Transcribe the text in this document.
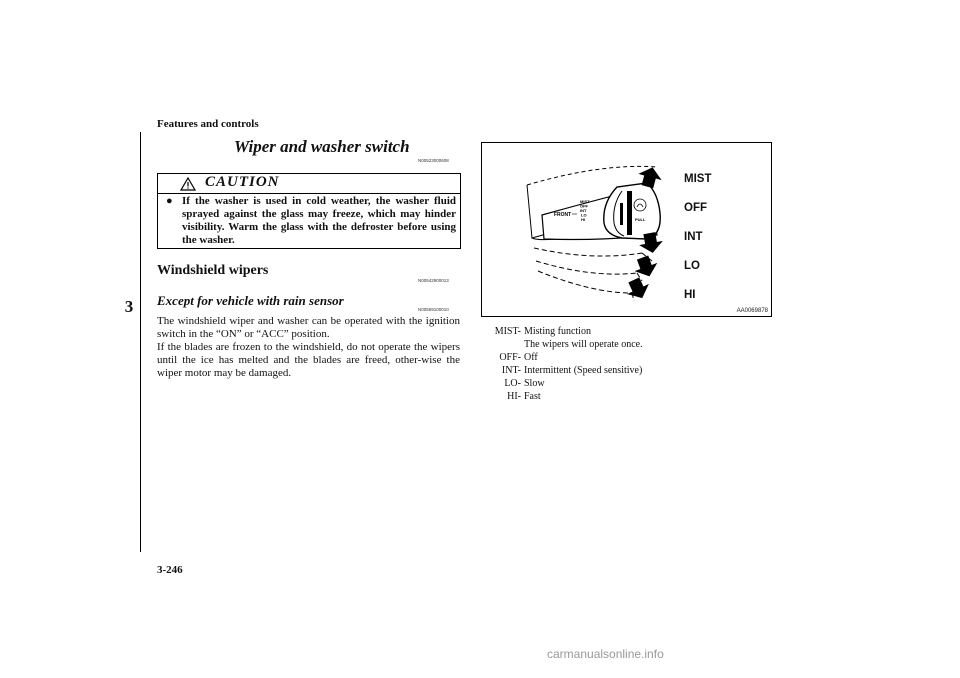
Features and controls
3
Wiper and washer switch
N00523000608
CAUTION
● If the washer is used in cold weather, the washer fluid sprayed against the glass may freeze, which may hinder visibility. Warm the glass with the defroster before using the washer.
Windshield wipers
N00542900013
Except for vehicle with rain sensor
N00569100010
The windshield wiper and washer can be operated with the ignition switch in the “ON” or “ACC” position.
If the blades are frozen to the windshield, do not operate the wipers until the ice has melted and the blades are freed, other-wise the wiper motor may be damaged.
FRONT
PULL
MIST
OFF
INT
LO
HI
MIST
OFF
INT
LO
HI
AA0069878
MIST- Misting function
The wipers will operate once.
OFF- Off
INT- Intermittent (Speed sensitive)
LO- Slow
HI- Fast
3-246
carmanualsonline.info
